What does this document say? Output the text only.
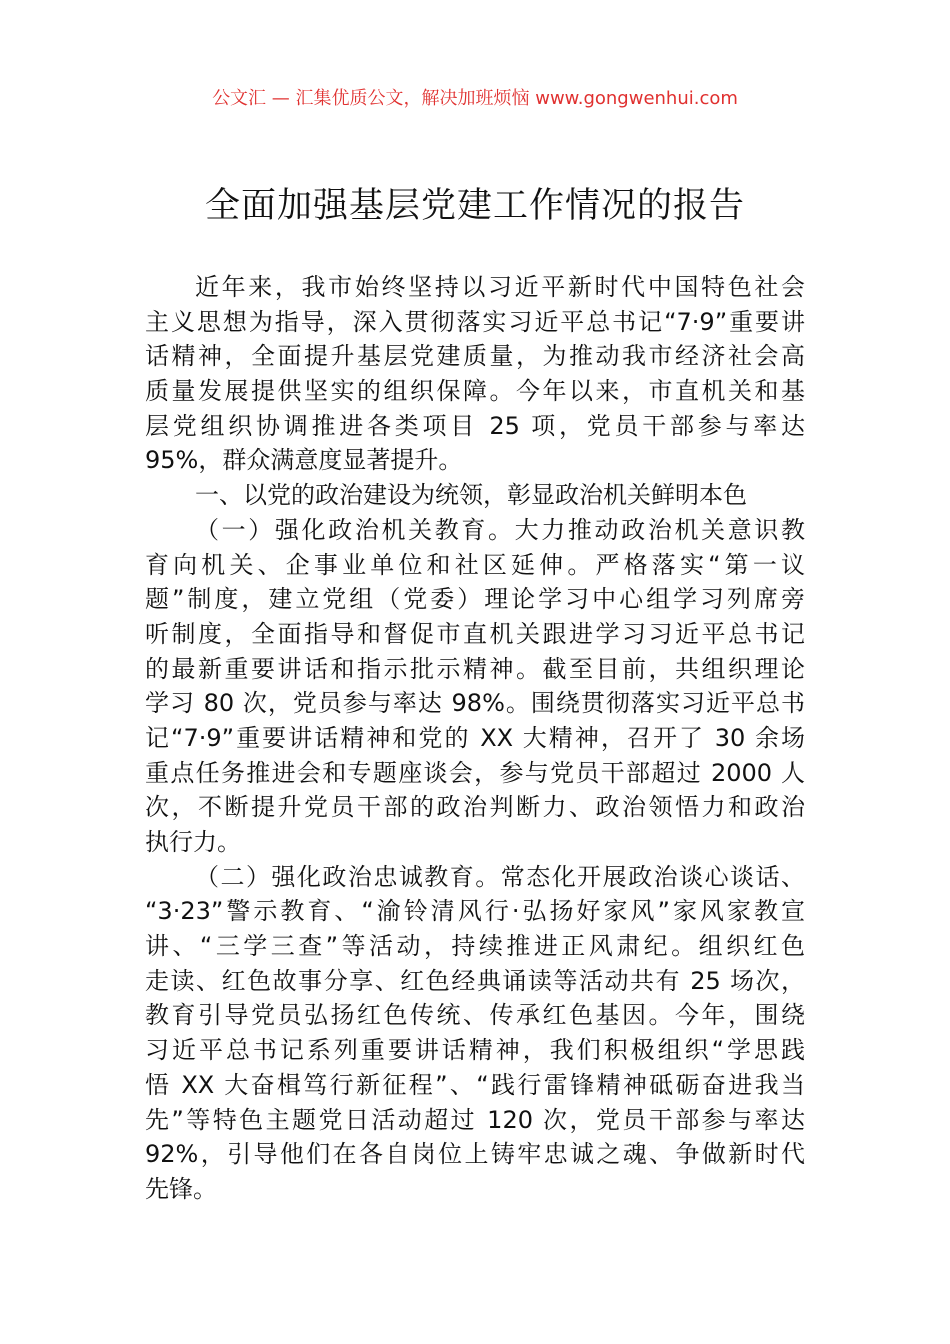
公文汇 — 汇集优质公文，解决加班烦恼 www.gongwenhui.com
全面加强基层党建工作情况的报告
近年来，我市始终坚持以习近平新时代中国特色社会
主义思想为指导，深入贯彻落实习近平总书记“7·9”重要讲
话精神，全面提升基层党建质量，为推动我市经济社会高
质量发展提供坚实的组织保障。今年以来，市直机关和基
层党组织协调推进各类项目 25 项，党员干部参与率达
95%，群众满意度显著提升。
一、以党的政治建设为统领，彰显政治机关鲜明本色
（一）强化政治机关教育。大力推动政治机关意识教
育向机关、企事业单位和社区延伸。严格落实“第一议
题”制度，建立党组（党委）理论学习中心组学习列席旁
听制度，全面指导和督促市直机关跟进学习习近平总书记
的最新重要讲话和指示批示精神。截至目前，共组织理论
学习 80 次，党员参与率达 98%。围绕贯彻落实习近平总书
记“7·9”重要讲话精神和党的 XX 大精神，召开了 30 余场
重点任务推进会和专题座谈会，参与党员干部超过 2000 人
次，不断提升党员干部的政治判断力、政治领悟力和政治
执行力。
（二）强化政治忠诚教育。常态化开展政治谈心谈话、
“3·23”警示教育、“渝铃清风行·弘扬好家风”家风家教宣
讲、“三学三查”等活动，持续推进正风肃纪。组织红色
走读、红色故事分享、红色经典诵读等活动共有 25 场次，
教育引导党员弘扬红色传统、传承红色基因。今年，围绕
习近平总书记系列重要讲话精神，我们积极组织“学思践
悟 XX 大奋楫笃行新征程”、“践行雷锋精神砥砺奋进我当
先”等特色主题党日活动超过 120 次，党员干部参与率达
92%，引导他们在各自岗位上铸牢忠诚之魂、争做新时代
先锋。
